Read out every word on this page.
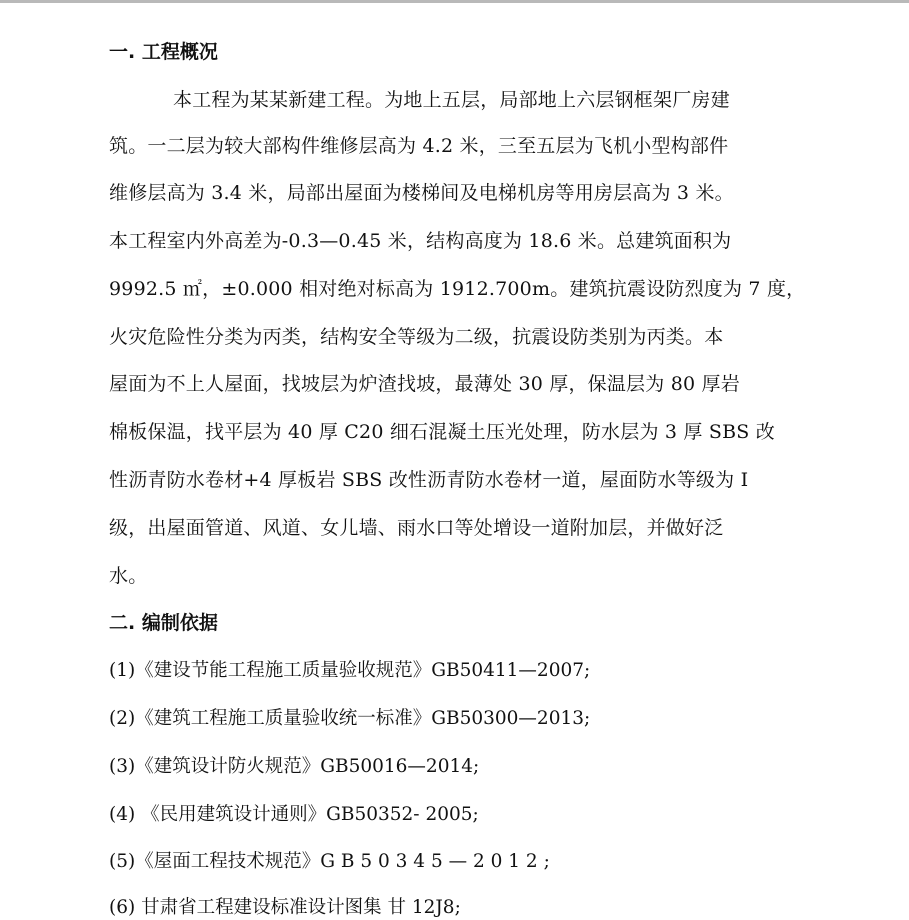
一. 工程概况
本工程为某某新建工程。为地上五层，局部地上六层钢框架厂房建
筑。一二层为较大部构件维修层高为 4.2 米，三至五层为飞机小型构部件
维修层高为 3.4 米，局部出屋面为楼梯间及电梯机房等用房层高为 3 米。
本工程室内外高差为-0.3—0.45 米，结构高度为 18.6 米。总建筑面积为
9992.5 ㎡，±0.000 相对绝对标高为 1912.700m。建筑抗震设防烈度为 7 度，
火灾危险性分类为丙类，结构安全等级为二级，抗震设防类别为丙类。本
屋面为不上人屋面，找坡层为炉渣找坡，最薄处 30 厚，保温层为 80 厚岩
棉板保温，找平层为 40 厚 C20 细石混凝土压光处理，防水层为 3 厚 SBS 改
性沥青防水卷材+4 厚板岩 SBS 改性沥青防水卷材一道，屋面防水等级为 I
级，出屋面管道、风道、女儿墙、雨水口等处增设一道附加层，并做好泛
水。
二. 编制依据
(1)《建设节能工程施工质量验收规范》GB50411—2007;
(2)《建筑工程施工质量验收统一标准》GB50300—2013;
(3)《建筑设计防火规范》GB50016—2014;
(4) 《民用建筑设计通则》GB50352- 2005;
(5)《屋面工程技术规范》G B 5 0 3 4 5 — 2 0 1 2 ;
(6) 甘肃省工程建设标准设计图集 甘 12J8;
